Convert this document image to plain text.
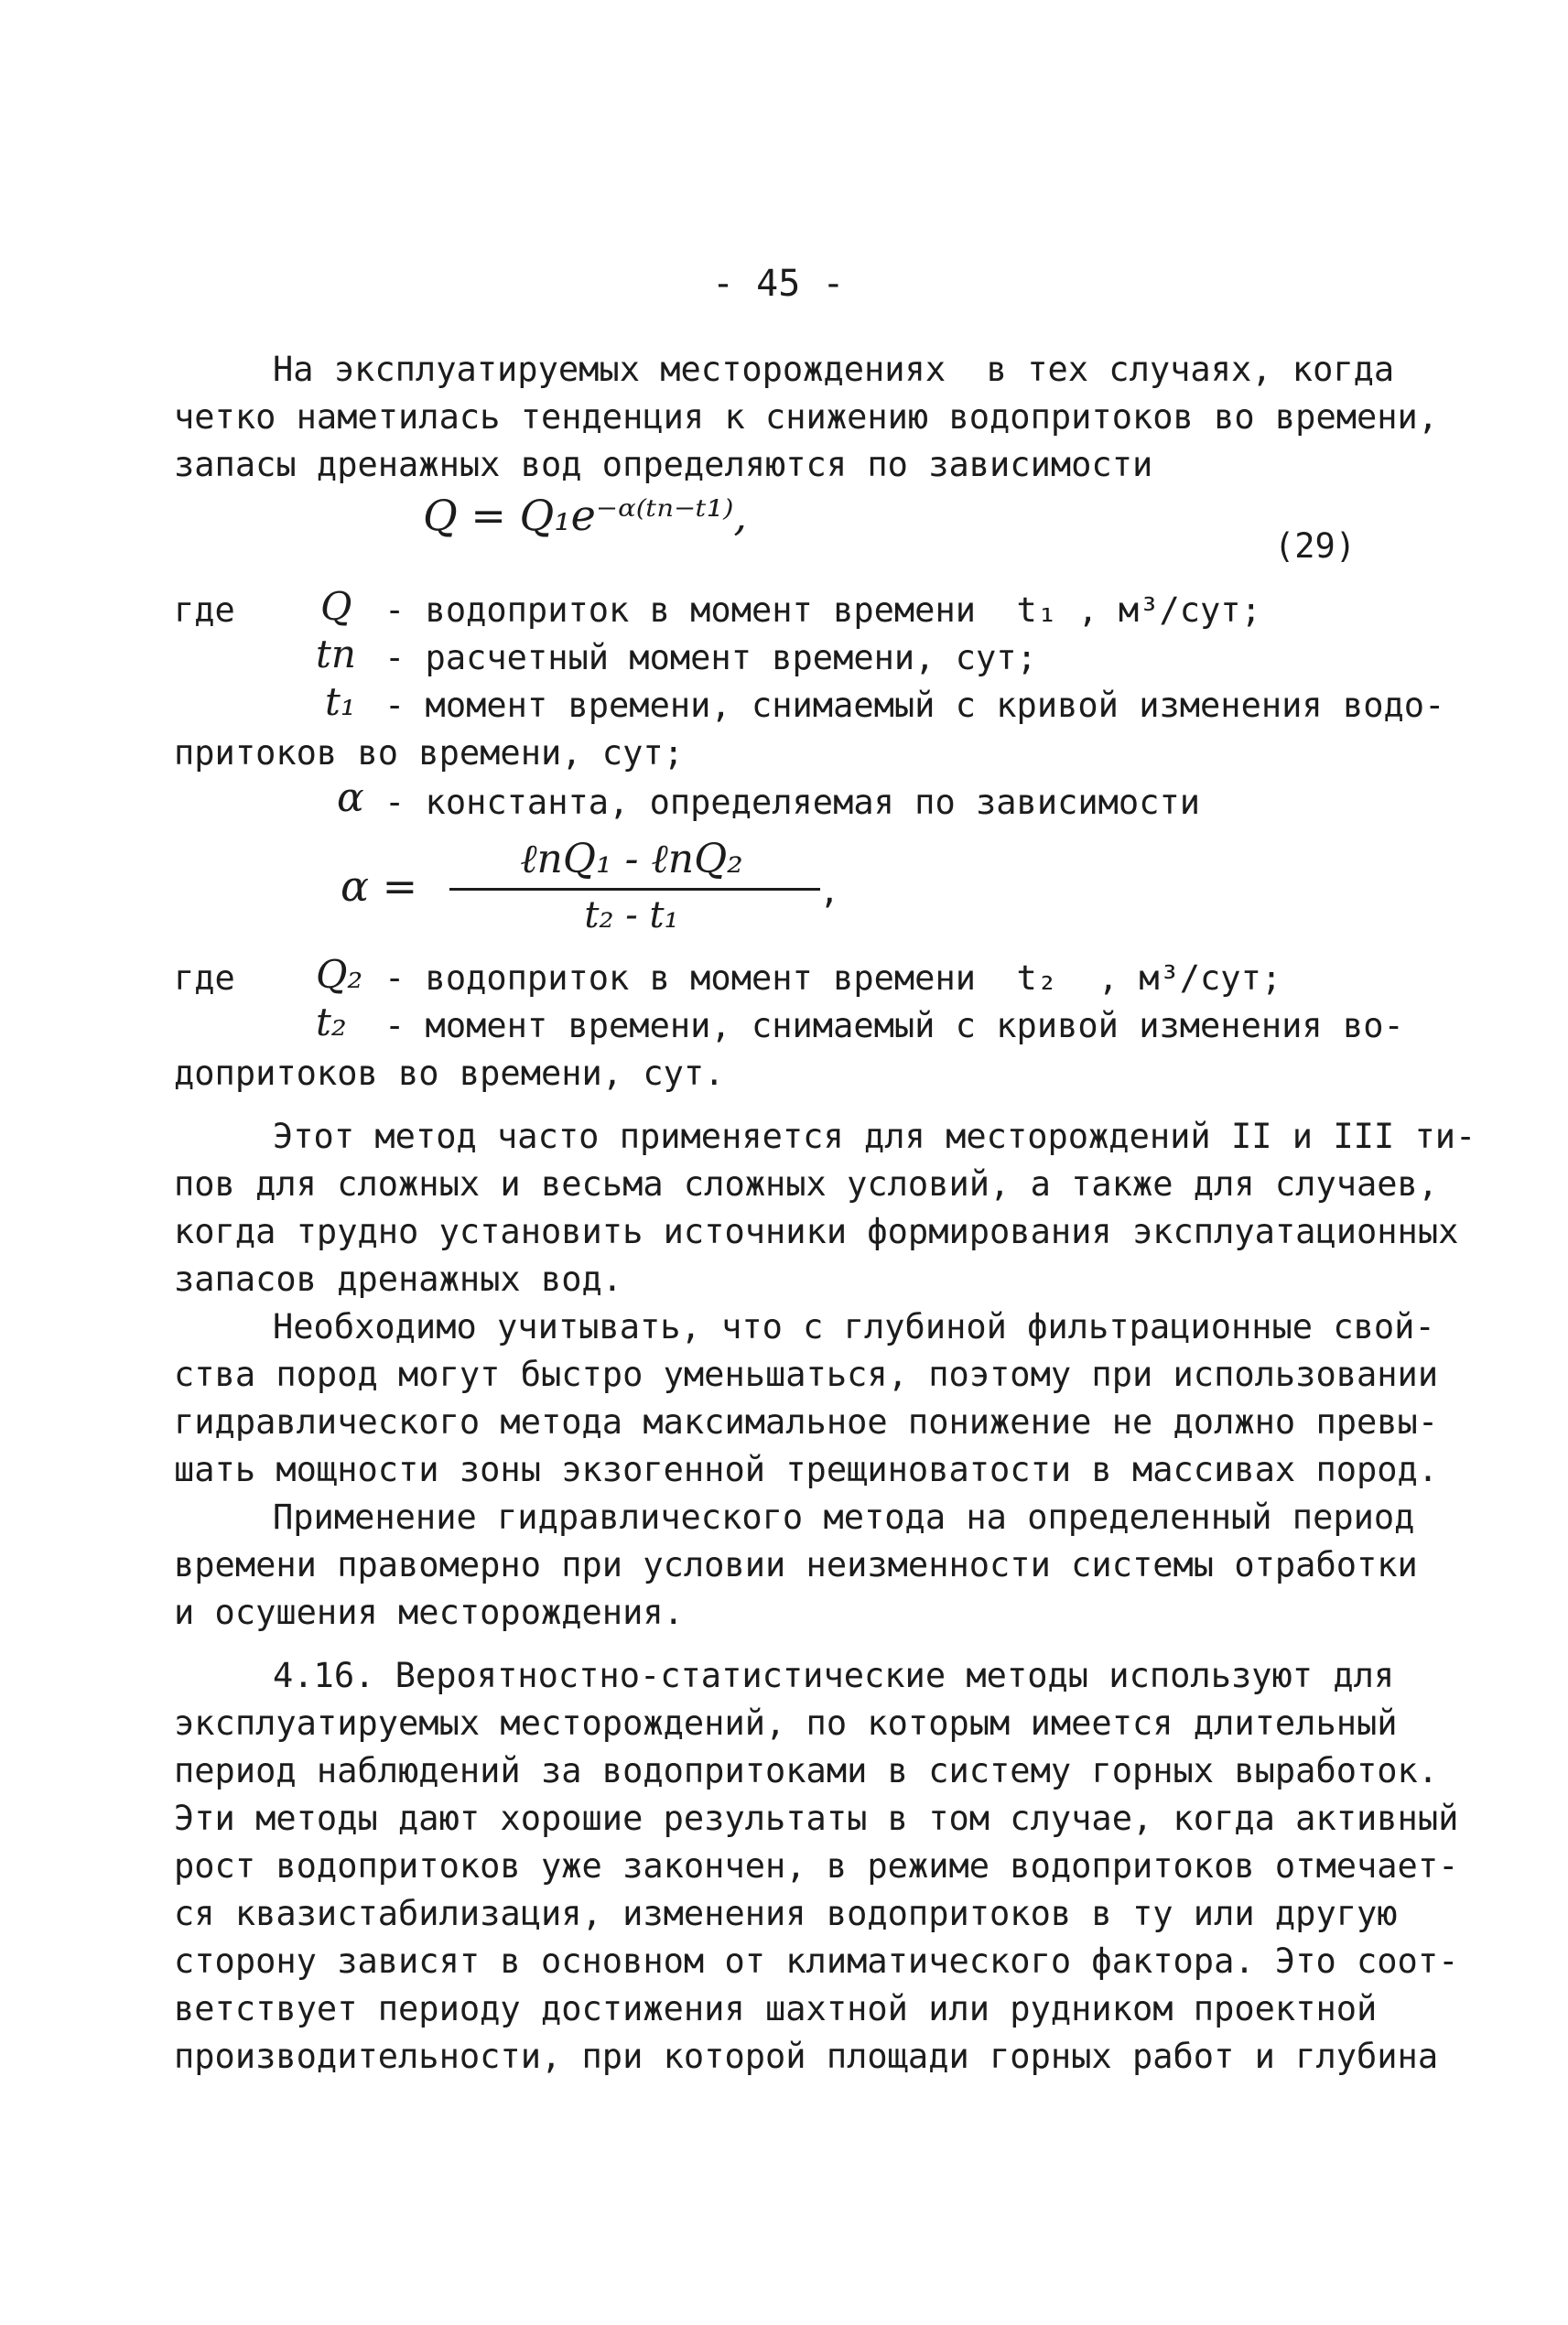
- 45 -
На эксплуатируемых месторождениях  в тех случаях, когда
четко наметилась тенденция к снижению водопритоков во времени,
запасы дренажных вод определяются по зависимости
Q = Q₁e⁻ᵅ⁽ᵗⁿ⁻ᵗ¹⁾,
(29)
где Q - водоприток в момент времени  t₁ , м³/сут;
tп - расчетный момент времени, сут;
t₁ - момент времени, снимаемый с кривой изменения водо-
притоков во времени, сут;
α - константа, определяемая по зависимости
α =
ℓnQ₁ - ℓnQ₂
t₂ - t₁
,
где Q₂ - водоприток в момент времени  t₂  , м³/сут;
t₂ - момент времени, снимаемый с кривой изменения во-
допритоков во времени, сут.
Этот метод часто применяется для месторождений II и III ти-
пов для сложных и весьма сложных условий, а также для случаев,
когда трудно установить источники формирования эксплуатационных
запасов дренажных вод.
Необходимо учитывать, что с глубиной фильтрационные свой-
ства пород могут быстро уменьшаться, поэтому при использовании
гидравлического метода максимальное понижение не должно превы-
шать мощности зоны экзогенной трещиноватости в массивах пород.
Применение гидравлического метода на определенный период
времени правомерно при условии неизменности системы отработки
и осушения месторождения.
4.16. Вероятностно-статистические методы используют для
эксплуатируемых месторождений, по которым имеется длительный
период наблюдений за водопритоками в систему горных выработок.
Эти методы дают хорошие результаты в том случае, когда активный
рост водопритоков уже закончен, в режиме водопритоков отмечает-
ся квазистабилизация, изменения водопритоков в ту или другую
сторону зависят в основном от климатического фактора. Это соот-
ветствует периоду достижения шахтной или рудником проектной
производительности, при которой площади горных работ и глубина
